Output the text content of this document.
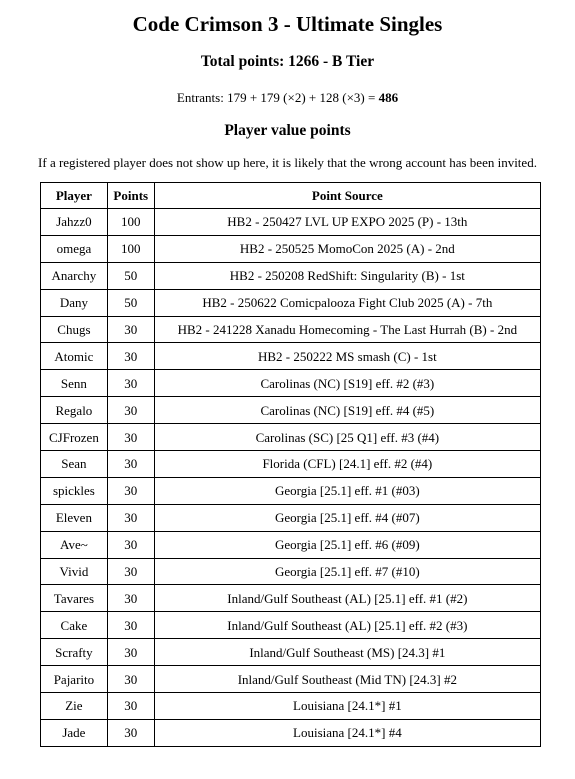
Code Crimson 3 - Ultimate Singles

Total points: 1266 - B Tier

Entrants: 179 + 179 (×2) + 128 (×3) = 486

Player value points

If a registered player does not show up here, it is likely that the wrong account has been invited.

Player	Points	Point Source
Jahzz0	100	HB2 - 250427 LVL UP EXPO 2025 (P) - 13th
omega	100	HB2 - 250525 MomoCon 2025 (A) - 2nd
Anarchy	50	HB2 - 250208 RedShift: Singularity (B) - 1st
Dany	50	HB2 - 250622 Comicpalooza Fight Club 2025 (A) - 7th
Chugs	30	HB2 - 241228 Xanadu Homecoming - The Last Hurrah (B) - 2nd
Atomic	30	HB2 - 250222 MS smash (C) - 1st
Senn	30	Carolinas (NC) [S19] eff. #2 (#3)
Regalo	30	Carolinas (NC) [S19] eff. #4 (#5)
CJFrozen	30	Carolinas (SC) [25 Q1] eff. #3 (#4)
Sean	30	Florida (CFL) [24.1] eff. #2 (#4)
spickles	30	Georgia [25.1] eff. #1 (#03)
Eleven	30	Georgia [25.1] eff. #4 (#07)
Ave~	30	Georgia [25.1] eff. #6 (#09)
Vivid	30	Georgia [25.1] eff. #7 (#10)
Tavares	30	Inland/Gulf Southeast (AL) [25.1] eff. #1 (#2)
Cake	30	Inland/Gulf Southeast (AL) [25.1] eff. #2 (#3)
Scrafty	30	Inland/Gulf Southeast (MS) [24.3] #1
Pajarito	30	Inland/Gulf Southeast (Mid TN) [24.3] #2
Zie	30	Louisiana [24.1*] #1
Jade	30	Louisiana [24.1*] #4
